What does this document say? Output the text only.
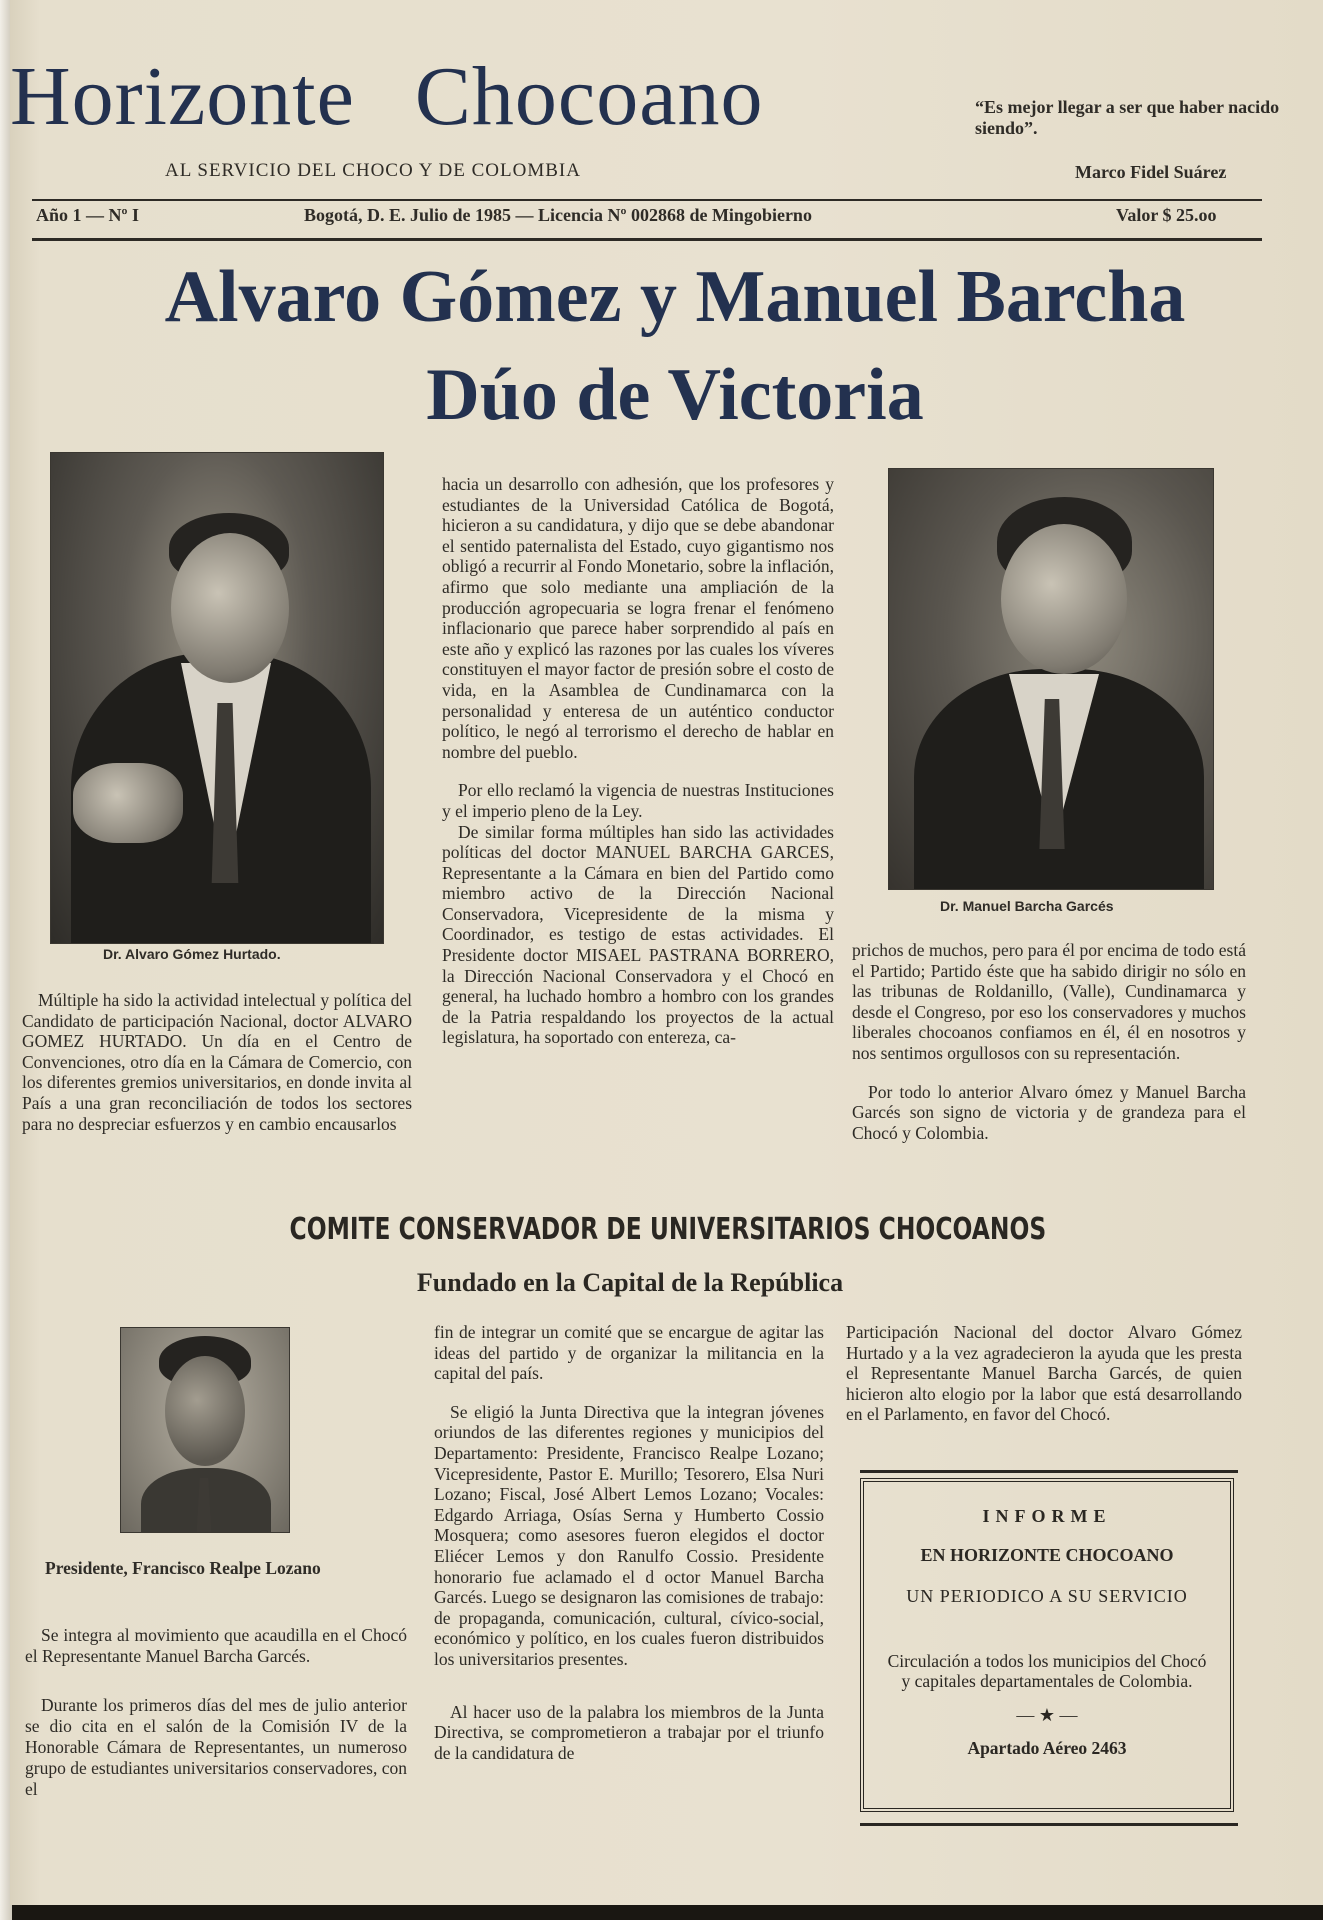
Horizonte Chocoano
AL SERVICIO DEL CHOCO Y DE COLOMBIA
“Es mejor llegar a ser que haber nacido siendo”.
Marco Fidel Suárez
Año 1 — Nº I	Bogotá, D. E. Julio de 1985 — Licencia Nº 002868 de Mingobierno	Valor $ 25.oo
Alvaro Gómez y Manuel Barcha
Dúo de Victoria
Dr. Alvaro Gómez Hurtado.
Dr. Manuel Barcha Garcés

Múltiple ha sido la actividad intelectual y política del Candidato de participación Nacional, doctor ALVARO GOMEZ HURTADO. Un día en el Centro de Convenciones, otro día en la Cámara de Comercio, con los diferentes gremios universitarios, en donde invita al País a una gran reconciliación de todos los sectores para no despreciar esfuerzos y en cambio encausarlos

hacia un desarrollo con adhesión, que los profesores y estudiantes de la Universidad Católica de Bogotá, hicieron a su candidatura, y dijo que se debe abandonar el sentido paternalista del Estado, cuyo gigantismo nos obligó a recurrir al Fondo Monetario, sobre la inflación, afirmo que solo mediante una ampliación de la producción agropecuaria se logra frenar el fenómeno inflacionario que parece haber sorprendido al país en este año y explicó las razones por las cuales los víveres constituyen el mayor factor de presión sobre el costo de vida, en la Asamblea de Cundinamarca con la personalidad y enteresa de un auténtico conductor político, le negó al terrorismo el derecho de hablar en nombre del pueblo.

Por ello reclamó la vigencia de nuestras Instituciones y el imperio pleno de la Ley.

De similar forma múltiples han sido las actividades políticas del doctor MANUEL BARCHA GARCES, Representante a la Cámara en bien del Partido como miembro activo de la Dirección Nacional Conservadora, Vicepresidente de la misma y Coordinador, es testigo de estas actividades. El Presidente doctor MISAEL PASTRANA BORRERO, la Dirección Nacional Conservadora y el Chocó en general, ha luchado hombro a hombro con los grandes de la Patria respaldando los proyectos de la actual legislatura, ha soportado con entereza, ca-

prichos de muchos, pero para él por encima de todo está el Partido; Partido éste que ha sabido dirigir no sólo en las tribunas de Roldanillo, (Valle), Cundinamarca y desde el Congreso, por eso los conservadores y muchos liberales chocoanos confiamos en él, él en nosotros y nos sentimos orgullosos con su representación.

Por todo lo anterior Alvaro ómez y Manuel Barcha Garcés son signo de victoria y de grandeza para el Chocó y Colombia.

COMITE CONSERVADOR DE UNIVERSITARIOS CHOCOANOS
Fundado en la Capital de la República
Presidente, Francisco Realpe Lozano

Se integra al movimiento que acaudilla en el Chocó el Representante Manuel Barcha Garcés.

Durante los primeros días del mes de julio anterior se dio cita en el salón de la Comisión IV de la Honorable Cámara de Representantes, un numeroso grupo de estudiantes universitarios conservadores, con el

fin de integrar un comité que se encargue de agitar las ideas del partido y de organizar la militancia en la capital del país.

Se eligió la Junta Directiva que la integran jóvenes oriundos de las diferentes regiones y municipios del Departamento: Presidente, Francisco Realpe Lozano; Vicepresidente, Pastor E. Murillo; Tesorero, Elsa Nuri Lozano; Fiscal, José Albert Lemos Lozano; Vocales: Edgardo Arriaga, Osías Serna y Humberto Cossio Mosquera; como asesores fueron elegidos el doctor Eliécer Lemos y don Ranulfo Cossio. Presidente honorario fue aclamado el d octor Manuel Barcha Garcés. Luego se designaron las comisiones de trabajo: de propaganda, comunicación, cultural, cívico-social, económico y político, en los cuales fueron distribuidos los universitarios presentes.

Al hacer uso de la palabra los miembros de la Junta Directiva, se comprometieron a trabajar por el triunfo de la candidatura de

Participación Nacional del doctor Alvaro Gómez Hurtado y a la vez agradecieron la ayuda que les presta el Representante Manuel Barcha Garcés, de quien hicieron alto elogio por la labor que está desarrollando en el Parlamento, en favor del Chocó.

INFORME
EN HORIZONTE CHOCOANO
UN PERIODICO A SU SERVICIO
Circulación a todos los municipios del Chocó y capitales departamentales de Colombia.
— ★ —
Apartado Aéreo 2463
